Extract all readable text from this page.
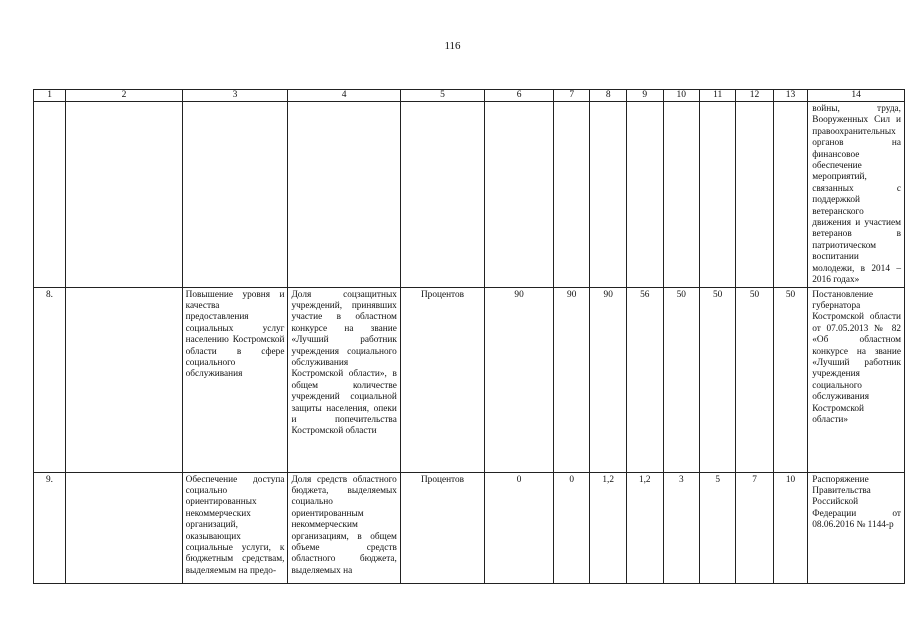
116
1	2	3	4	5	6	7	8	9	10	11	12	13	14
													войны, труда, Вооруженных Сил и правоохранительных органов на финансовое обеспечение мероприятий, связанных с поддержкой ветеранского движения и участием ветеранов в патриотическом воспитании молодежи, в 2014 – 2016 годах»
8.		Повышение уровня и качества предоставления социальных услуг населению Костромской области в сфере социального обслуживания	Доля соцзащитных учреждений, принявших участие в областном конкурсе на звание «Лучший работник учреждения социального обслуживания Костромской области», в общем количестве учреждений социальной защиты населения, опеки и попечительства Костромской области	Процентов	90	90	90	56	50	50	50	50	Постановление губернатора Костромской области от 07.05.2013 № 82 «Об областном конкурсе на звание «Лучший работник учреждения социального обслуживания Костромской области»
9.		Обеспечение доступа социально ориентированных некоммерческих организаций, оказывающих социальные услуги, к бюджетным средствам, выделяемым на предо-	Доля средств областного бюджета, выделяемых социально ориентированным некоммерческим организациям, в общем объеме средств областного бюджета, выделяемых на	Процентов	0	0	1,2	1,2	3	5	7	10	Распоряжение Правительства Российской Федерации от 08.06.2016 № 1144-р
